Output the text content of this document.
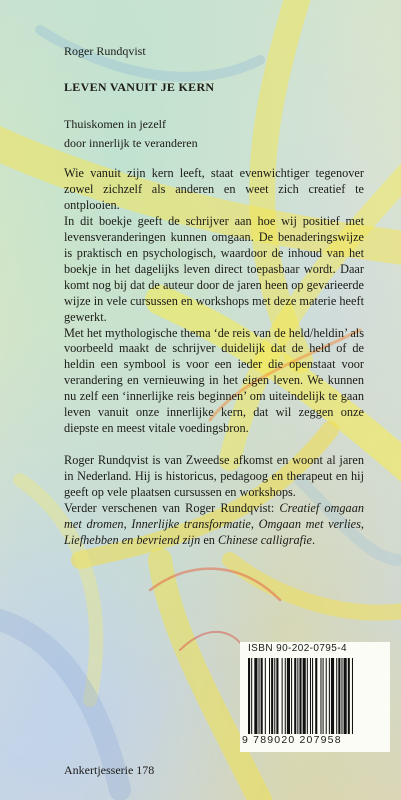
Roger Rundqvist

LEVEN VANUIT JE KERN

Thuiskomen in jezelf
door innerlijk te veranderen

Wie vanuit zijn kern leeft, staat evenwichtiger tegenover zowel zichzelf als anderen en weet zich creatief te ontplooien.

In dit boekje geeft de schrijver aan hoe wij positief met levensveranderingen kunnen omgaan. De benaderingswijze is praktisch en psychologisch, waardoor de inhoud van het boekje in het dagelijks leven direct toepasbaar wordt. Daar komt nog bij dat de auteur door de jaren heen op gevarieerde wijze in vele cursussen en workshops met deze materie heeft gewerkt.

Met het mythologische thema ‘de reis van de held/heldin’ als voorbeeld maakt de schrijver duidelijk dat de held of de heldin een symbool is voor een ieder die openstaat voor verandering en vernieuwing in het eigen leven. We kunnen nu zelf een ‘innerlijke reis beginnen’ om uiteindelijk te gaan leven vanuit onze innerlijke kern, dat wil zeggen onze diepste en meest vitale voedingsbron.

Roger Rundqvist is van Zweedse afkomst en woont al jaren in Nederland. Hij is historicus, pedagoog en therapeut en hij geeft op vele plaatsen cursussen en workshops.

Verder verschenen van Roger Rundqvist: Creatief omgaan met dromen, Innerlijke transformatie, Omgaan met verlies, Liefhebben en bevriend zijn en Chinese calligrafie.

ISBN 90-202-0795-4
9 789020 207958

Ankertjesserie 178
